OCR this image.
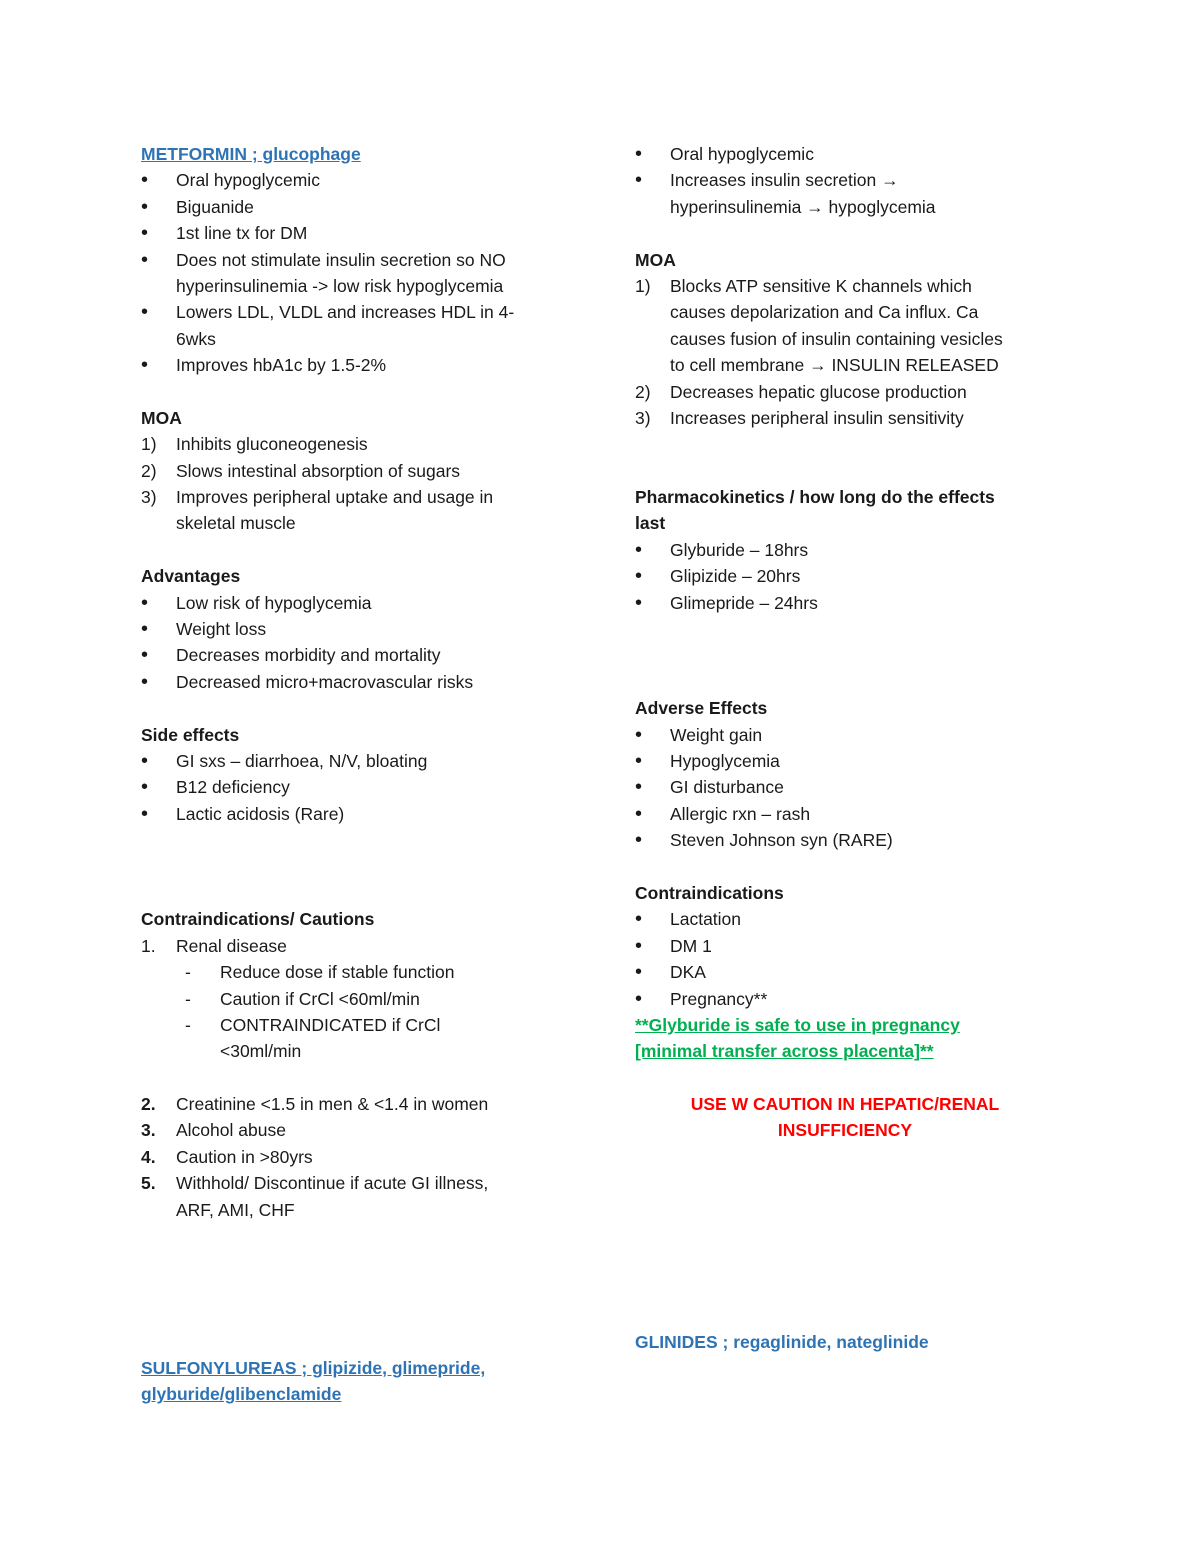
METFORMIN ; glucophage
•
Oral hypoglycemic
•
Biguanide
•
1st line tx for DM
•
Does not stimulate insulin secretion so NO
hyperinsulinemia -> low risk hypoglycemia
•
Lowers LDL, VLDL and increases HDL in 4-
6wks
•
Improves hbA1c by 1.5-2%
MOA
1)	Inhibits gluconeogenesis
2)	Slows intestinal absorption of sugars
3)	Improves peripheral uptake and usage in
skeletal muscle
Advantages
•
Low risk of hypoglycemia
•
Weight loss
•
Decreases morbidity and mortality
•
Decreased micro+macrovascular risks
Side effects
•
GI sxs – diarrhoea, N/V, bloating
•
B12 deficiency
•
Lactic acidosis (Rare)
Contraindications/ Cautions
1.	Renal disease
-	Reduce dose if stable function
-	Caution if CrCl <60ml/min
-	CONTRAINDICATED if CrCl
<30ml/min
2.	Creatinine <1.5 in men & <1.4 in women
3.	Alcohol abuse
4.	Caution in >80yrs
5.	Withhold/ Discontinue if acute GI illness,
ARF, AMI, CHF
SULFONYLUREAS ; glipizide, glimepride,
glyburide/glibenclamide
•
Oral hypoglycemic
•
Increases insulin secretion →
hyperinsulinemia → hypoglycemia
MOA
1)	Blocks ATP sensitive K channels which
causes depolarization and Ca influx. Ca
causes fusion of insulin containing vesicles
to cell membrane → INSULIN RELEASED
2)	Decreases hepatic glucose production
3)	Increases peripheral insulin sensitivity
Pharmacokinetics / how long do the effects
last
•
Glyburide – 18hrs
•
Glipizide – 20hrs
•
Glimepride – 24hrs
Adverse Effects
•
Weight gain
•
Hypoglycemia
•
GI disturbance
•
Allergic rxn – rash
•
Steven Johnson syn (RARE)
Contraindications
•
Lactation
•
DM 1
•
DKA
•
Pregnancy**
**Glyburide is safe to use in pregnancy
[minimal transfer across placenta]**
USE W CAUTION IN HEPATIC/RENAL
INSUFFICIENCY
GLINIDES ; regaglinide, nateglinide
